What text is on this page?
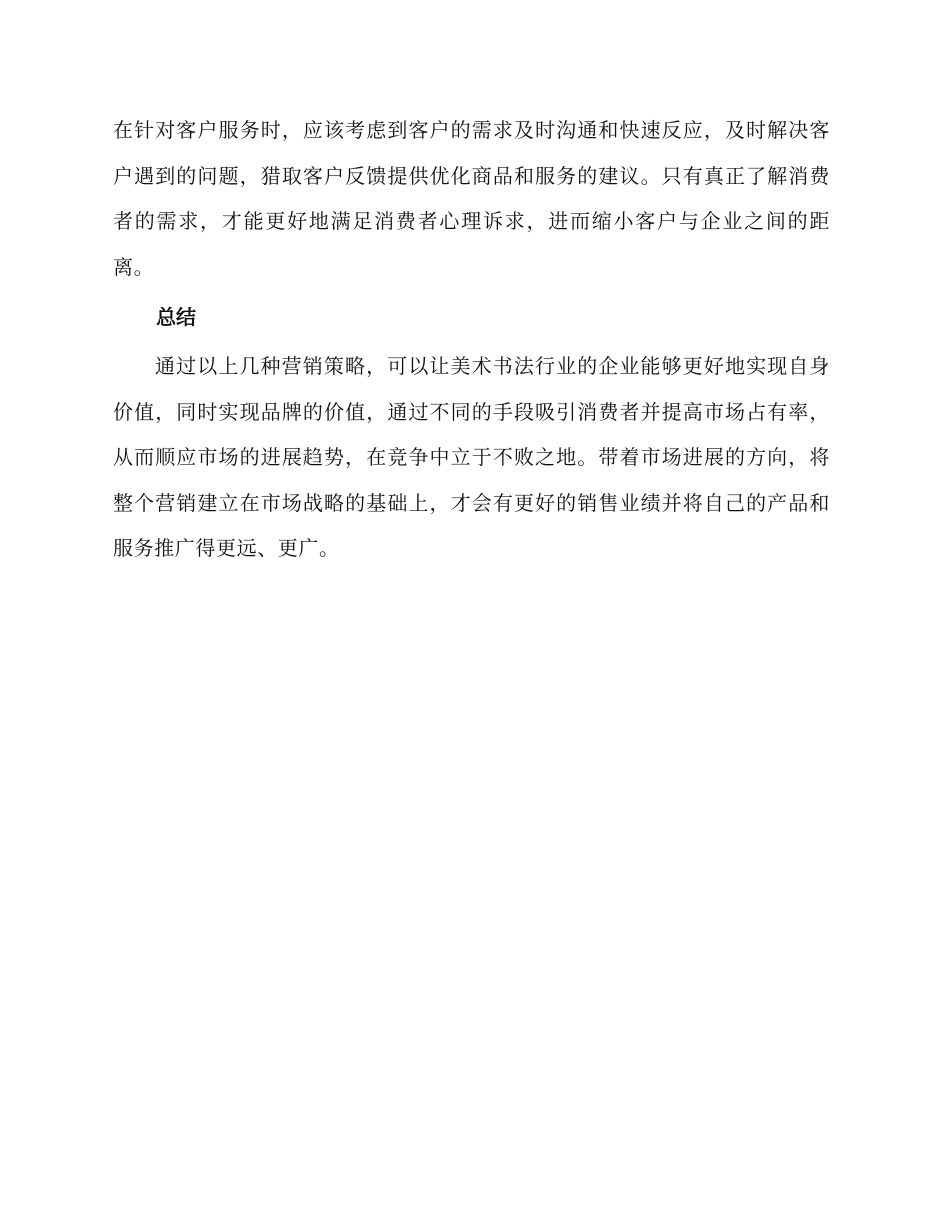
在针对客户服务时，应该考虑到客户的需求及时沟通和快速反应，及时解决客户遇到的问题，猎取客户反馈提供优化商品和服务的建议。只有真正了解消费者的需求，才能更好地满足消费者心理诉求，进而缩小客户与企业之间的距离。

总结

通过以上几种营销策略，可以让美术书法行业的企业能够更好地实现自身价值，同时实现品牌的价值，通过不同的手段吸引消费者并提高市场占有率，从而顺应市场的进展趋势，在竞争中立于不败之地。带着市场进展的方向，将整个营销建立在市场战略的基础上，才会有更好的销售业绩并将自己的产品和服务推广得更远、更广。
